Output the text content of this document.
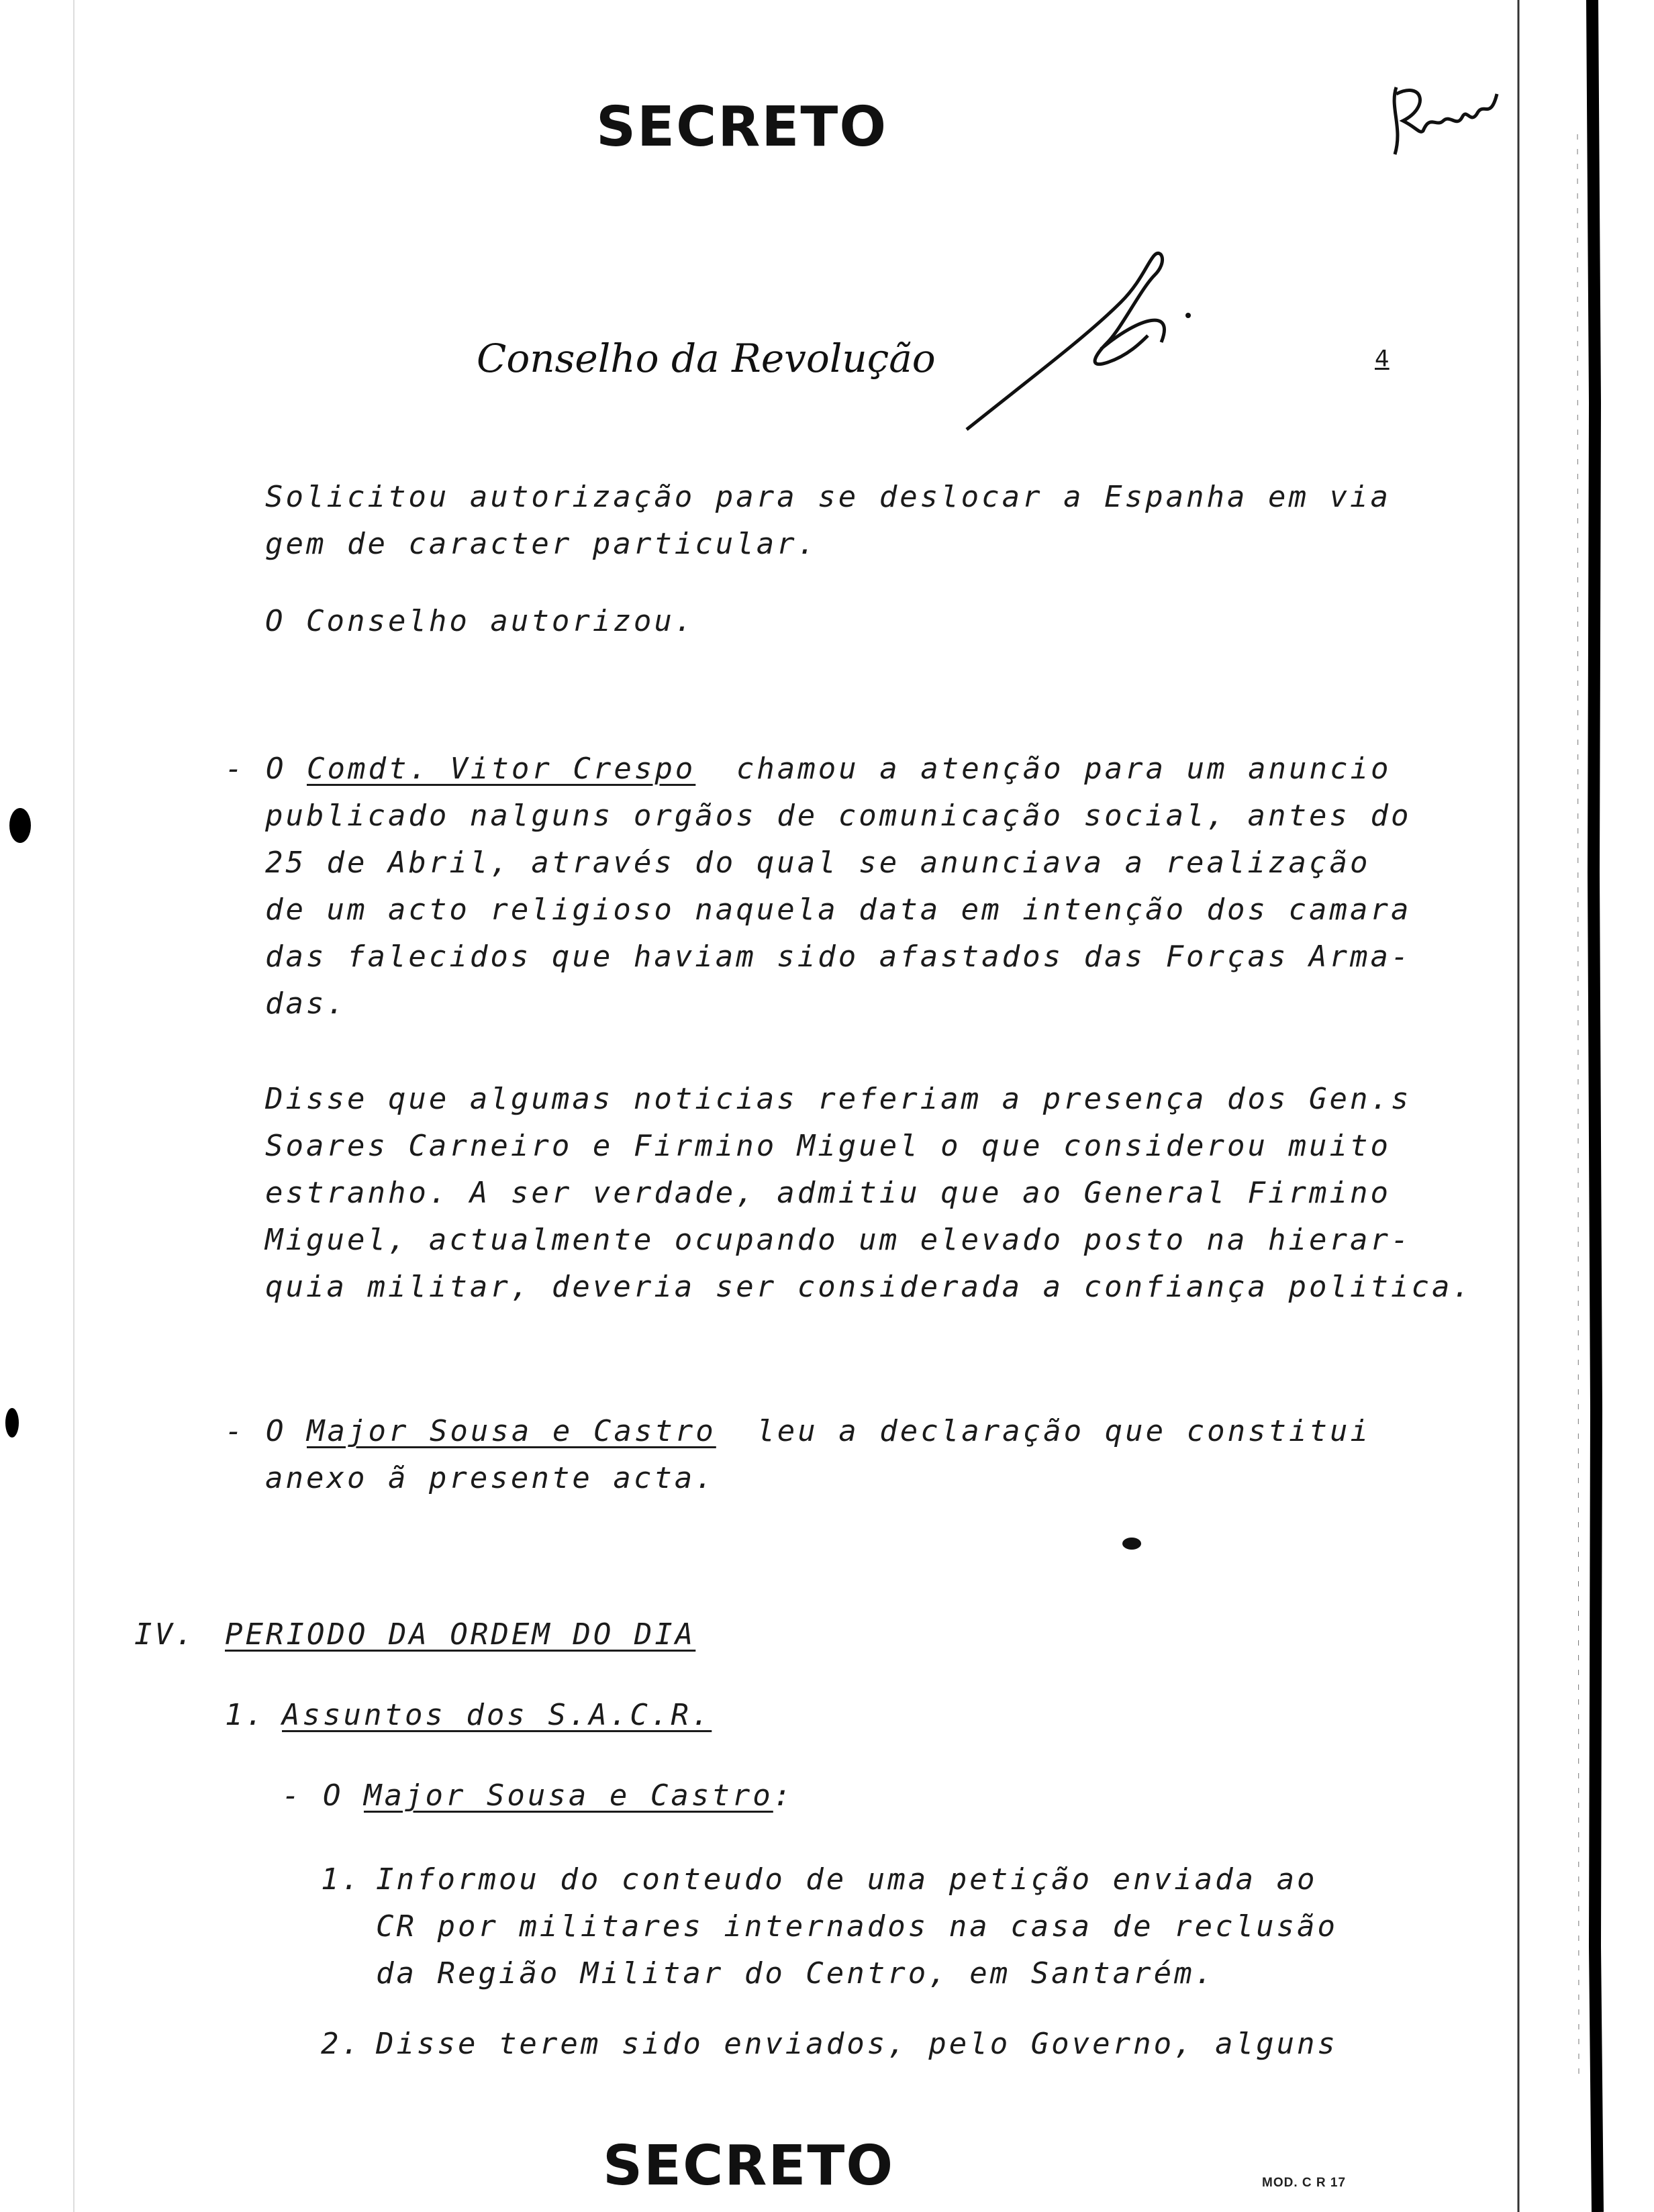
SECRETO
Conselho da Revolução	4
Solicitou autorização para se deslocar a Espanha em via
gem de caracter particular.
O Conselho autorizou.
- O Comdt. Vitor Crespo chamou a atenção para um anuncio
publicado nalguns orgãos de comunicação social, antes do
25 de Abril, através do qual se anunciava a realização
de um acto religioso naquela data em intenção dos camara
das falecidos que haviam sido afastados das Forças Arma-
das.
Disse que algumas noticias referiam a presença dos Gen.s
Soares Carneiro e Firmino Miguel o que considerou muito
estranho. A ser verdade, admitiu que ao General Firmino
Miguel, actualmente ocupando um elevado posto na hierar-
quia militar, deveria ser considerada a confiança politica.
- O Major Sousa e Castro leu a declaração que constitui
anexo ã presente acta.
IV. PERIODO DA ORDEM DO DIA
1. Assuntos dos S.A.C.R.
- O Major Sousa e Castro:
1. Informou do conteudo de uma petição enviada ao
CR por militares internados na casa de reclusão
da Região Militar do Centro, em Santarém.
2. Disse terem sido enviados, pelo Governo, alguns
SECRETO	MOD. C R 17
